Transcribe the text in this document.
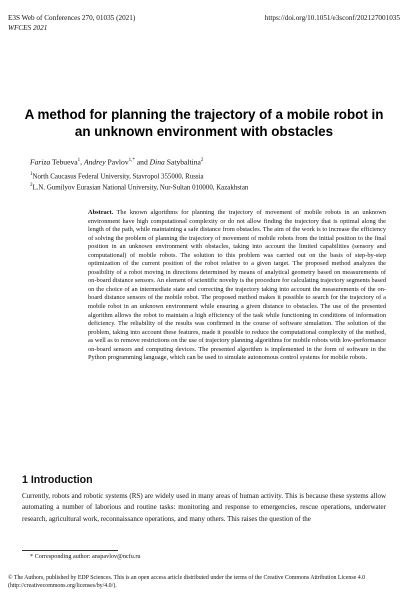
E3S Web of Conferences 270, 01035 (2021)
WFCES 2021
https://doi.org/10.1051/e3sconf/202127001035
A method for planning the trajectory of a mobile robot in an unknown environment with obstacles
Fariza Tebueva$^1$, Andrey Pavlov$^{1,*}$ and Dina Satybaltina$^2$
$^1$North Caucasus Federal University, Stavropol 355000, Russia
$^2$L.N. Gumilyov Eurasian National University, Nur-Sultan 010000, Kazakhstan
Abstract. The known algorithms for planning the trajectory of movement of mobile robots in an unknown environment have high computational complexity or do not allow finding the trajectory that is optimal along the length of the path, while maintaining a safe distance from obstacles. The aim of the work is to increase the efficiency of solving the problem of planning the trajectory of movement of mobile robots from the initial position to the final position in an unknown environment with obstacles, taking into account the limited capabilities (sensory and computational) of mobile robots. The solution to this problem was carried out on the basis of step-by-step optimization of the current position of the robot relative to a given target. The proposed method analyzes the possibility of a robot moving in directions determined by means of analytical geometry based on measurements of on-board distance sensors. An element of scientific novelty is the procedure for calculating trajectory segments based on the choice of an intermediate state and correcting the trajectory taking into account the measurements of the on-board distance sensors of the mobile robot. The proposed method makes it possible to search for the trajectory of a mobile robot in an unknown environment while ensuring a given distance to obstacles. The use of the presented algorithm allows the robot to maintain a high efficiency of the task while functioning in conditions of information deficiency. The reliability of the results was confirmed in the course of software simulation. The solution of the problem, taking into account these features, made it possible to reduce the computational complexity of the method, as well as to remove restrictions on the use of trajectory planning algorithms for mobile robots with low-performance on-board sensors and computing devices. The presented algorithm is implemented in the form of software in the Python programming language, which can be used to simulate autonomous control systems for mobile robots.
1 Introduction
Currently, robots and robotic systems (RS) are widely used in many areas of human activity. This is because these systems allow automating a number of laborious and routine tasks: monitoring and response to emergencies, rescue operations, underwater research, agricultural work, reconnaissance operations, and many others. This raises the question of the
* Corresponding author: anspavlov@ncfu.ru
© The Authors, published by EDP Sciences. This is an open access article distributed under the terms of the Creative Commons Attribution License 4.0 (http://creativecommons.org/licenses/by/4.0/).
